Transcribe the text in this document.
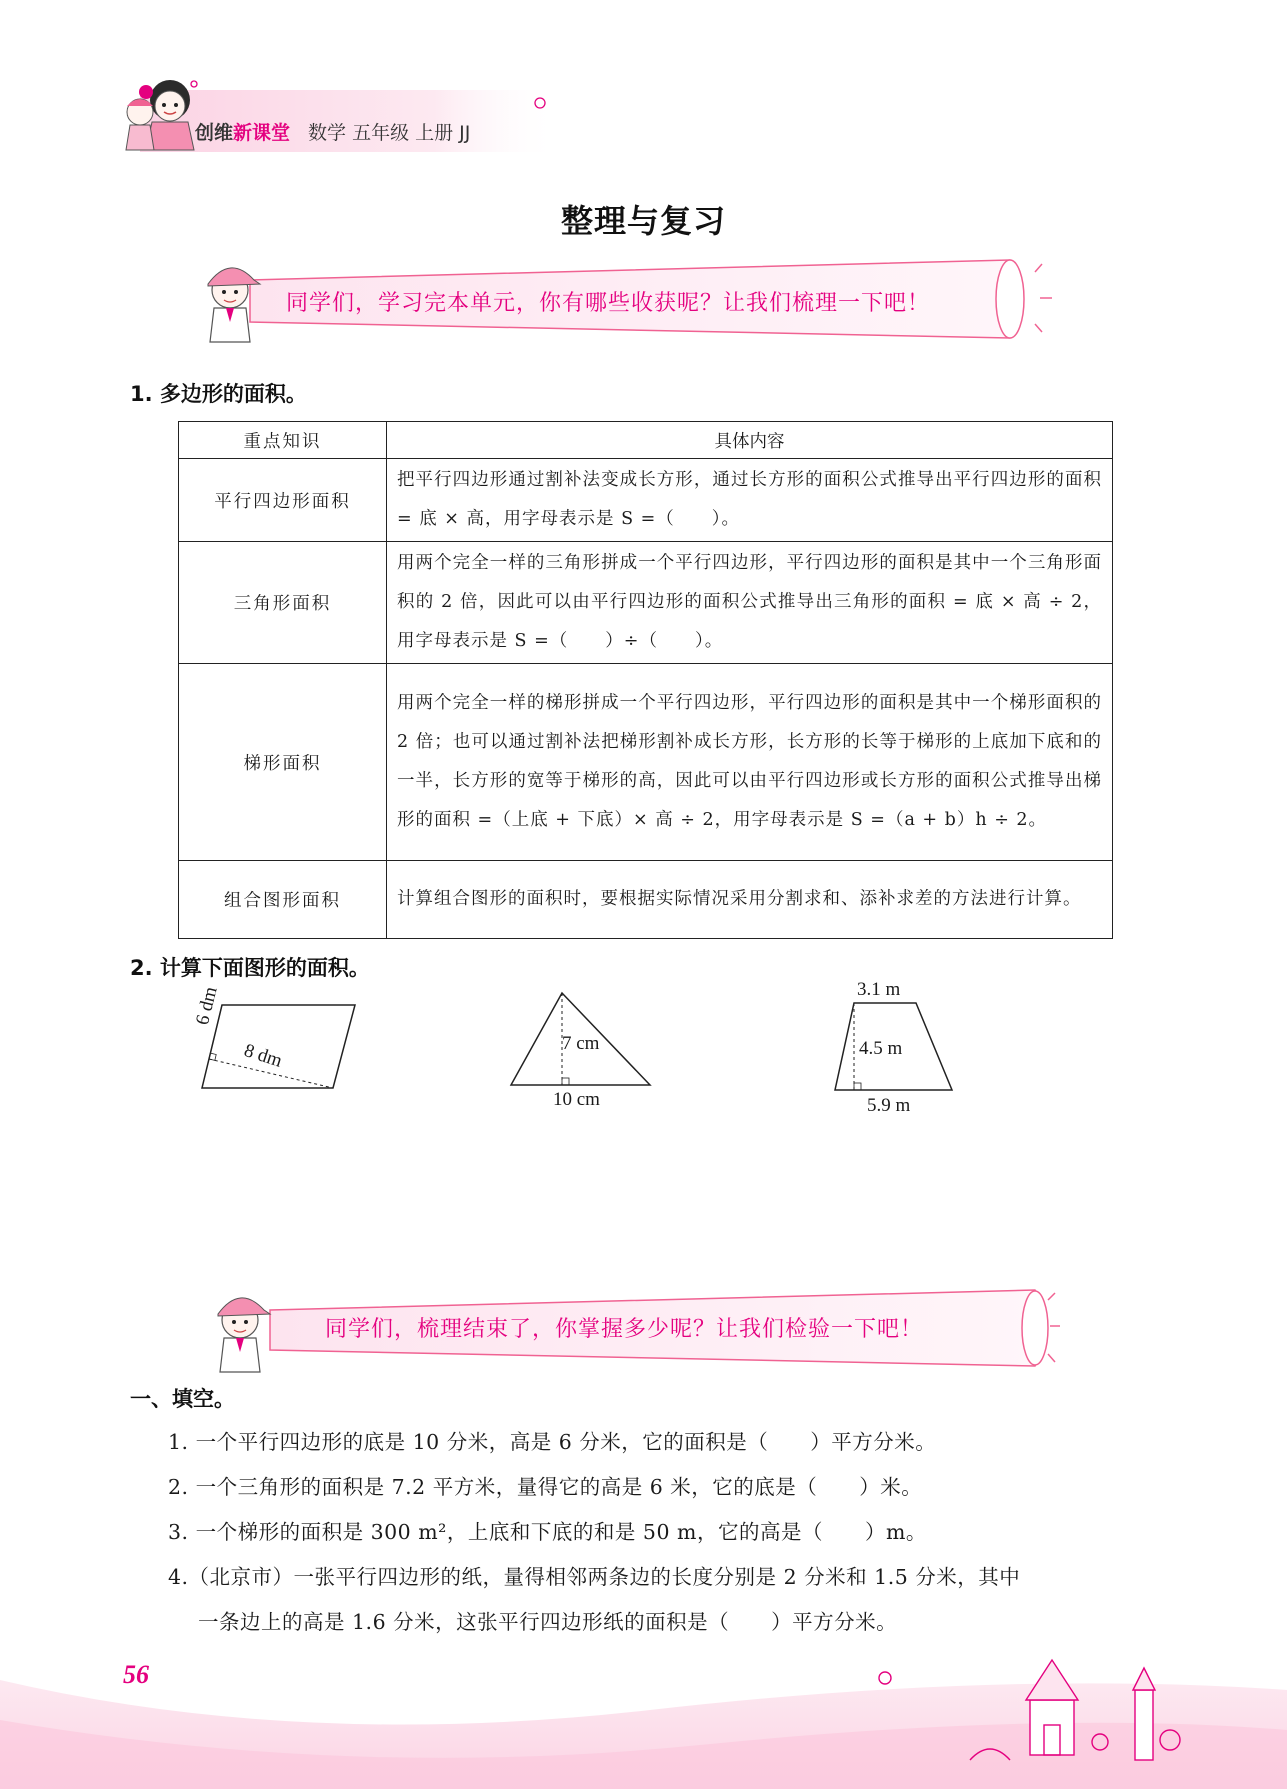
创维新课堂 数学 五年级 上册 JJ
整理与复习
同学们，学习完本单元，你有哪些收获呢？让我们梳理一下吧！
1. 多边形的面积。
重点知识	具体内容
平行四边形面积	把平行四边形通过割补法变成长方形，通过长方形的面积公式推导出平行四边形的面积 = 底 × 高，用字母表示是 S =（　　）。
三角形面积	用两个完全一样的三角形拼成一个平行四边形，平行四边形的面积是其中一个三角形面积的 2 倍，因此可以由平行四边形的面积公式推导出三角形的面积 = 底 × 高 ÷ 2，用字母表示是 S =（　　）÷（　　）。
梯形面积	用两个完全一样的梯形拼成一个平行四边形，平行四边形的面积是其中一个梯形面积的 2 倍；也可以通过割补法把梯形割补成长方形，长方形的长等于梯形的上底加下底和的一半，长方形的宽等于梯形的高，因此可以由平行四边形或长方形的面积公式推导出梯形的面积 =（上底 + 下底）× 高 ÷ 2，用字母表示是 S =（a + b）h ÷ 2。
组合图形面积	计算组合图形的面积时，要根据实际情况采用分割求和、添补求差的方法进行计算。
2. 计算下面图形的面积。
6 dm
8 dm	7 cm
10 cm
3.1 m
4.5 m
5.9 m
同学们，梳理结束了，你掌握多少呢？让我们检验一下吧！
一、填空。
1. 一个平行四边形的底是 10 分米，高是 6 分米，它的面积是（　　）平方分米。
2. 一个三角形的面积是 7.2 平方米，量得它的高是 6 米，它的底是（　　）米。
3. 一个梯形的面积是 300 m²，上底和下底的和是 50 m，它的高是（　　）m。
4.（北京市）一张平行四边形的纸，量得相邻两条边的长度分别是 2 分米和 1.5 分米，其中
一条边上的高是 1.6 分米，这张平行四边形纸的面积是（　　）平方分米。
56
